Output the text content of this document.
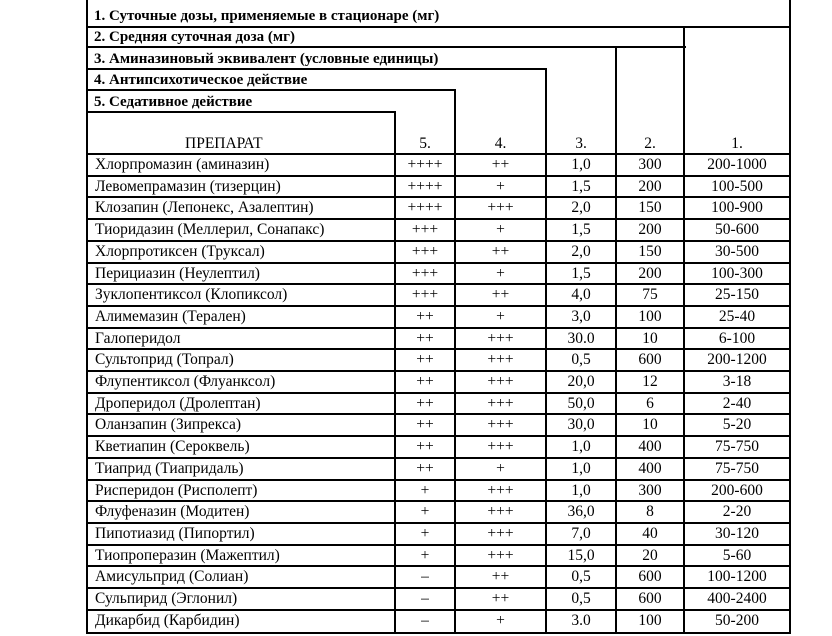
1. Суточные дозы, применяемые в стационаре (мг)
2. Средняя суточная доза (мг)
3. Аминазиновый эквивалент (условные единицы)
4. Антипсихотическое действие
5. Седативное действие
ПРЕПАРАТ	5.	4.	3.	2.	1.
Хлорпромазин (аминазин)	++++	++	1,0	300	200-1000
Левомепрамазин (тизерцин)	++++	+	1,5	200	100-500
Клозапин (Лепонекс, Азалептин)	++++	+++	2,0	150	100-900
Тиоридазин (Меллерил, Сонапакс)	+++	+	1,5	200	50-600
Хлорпротиксен (Труксал)	+++	++	2,0	150	30-500
Перициазин (Неулептил)	+++	+	1,5	200	100-300
Зуклопентиксол (Клопиксол)	+++	++	4,0	75	25-150
Алимемазин (Терален)	++	+	3,0	100	25-40
Галоперидол	++	+++	30.0	10	6-100
Сультоприд (Топрал)	++	+++	0,5	600	200-1200
Флупентиксол (Флуанксол)	++	+++	20,0	12	3-18
Дроперидол (Дролептан)	++	+++	50,0	6	2-40
Оланзапин (Зипрекса)	++	+++	30,0	10	5-20
Кветиапин (Сероквель)	++	+++	1,0	400	75-750
Тиаприд (Тиапридаль)	++	+	1,0	400	75-750
Рисперидон (Рисполепт)	+	+++	1,0	300	200-600
Флуфеназин (Модитен)	+	+++	36,0	8	2-20
Пипотиазид (Пипортил)	+	+++	7,0	40	30-120
Тиопроперазин (Мажептил)	+	+++	15,0	20	5-60
Амисульприд (Солиан)	–	++	0,5	600	100-1200
Сульпирид (Эглонил)	–	++	0,5	600	400-2400
Дикарбид (Карбидин)	–	+	3.0	100	50-200
